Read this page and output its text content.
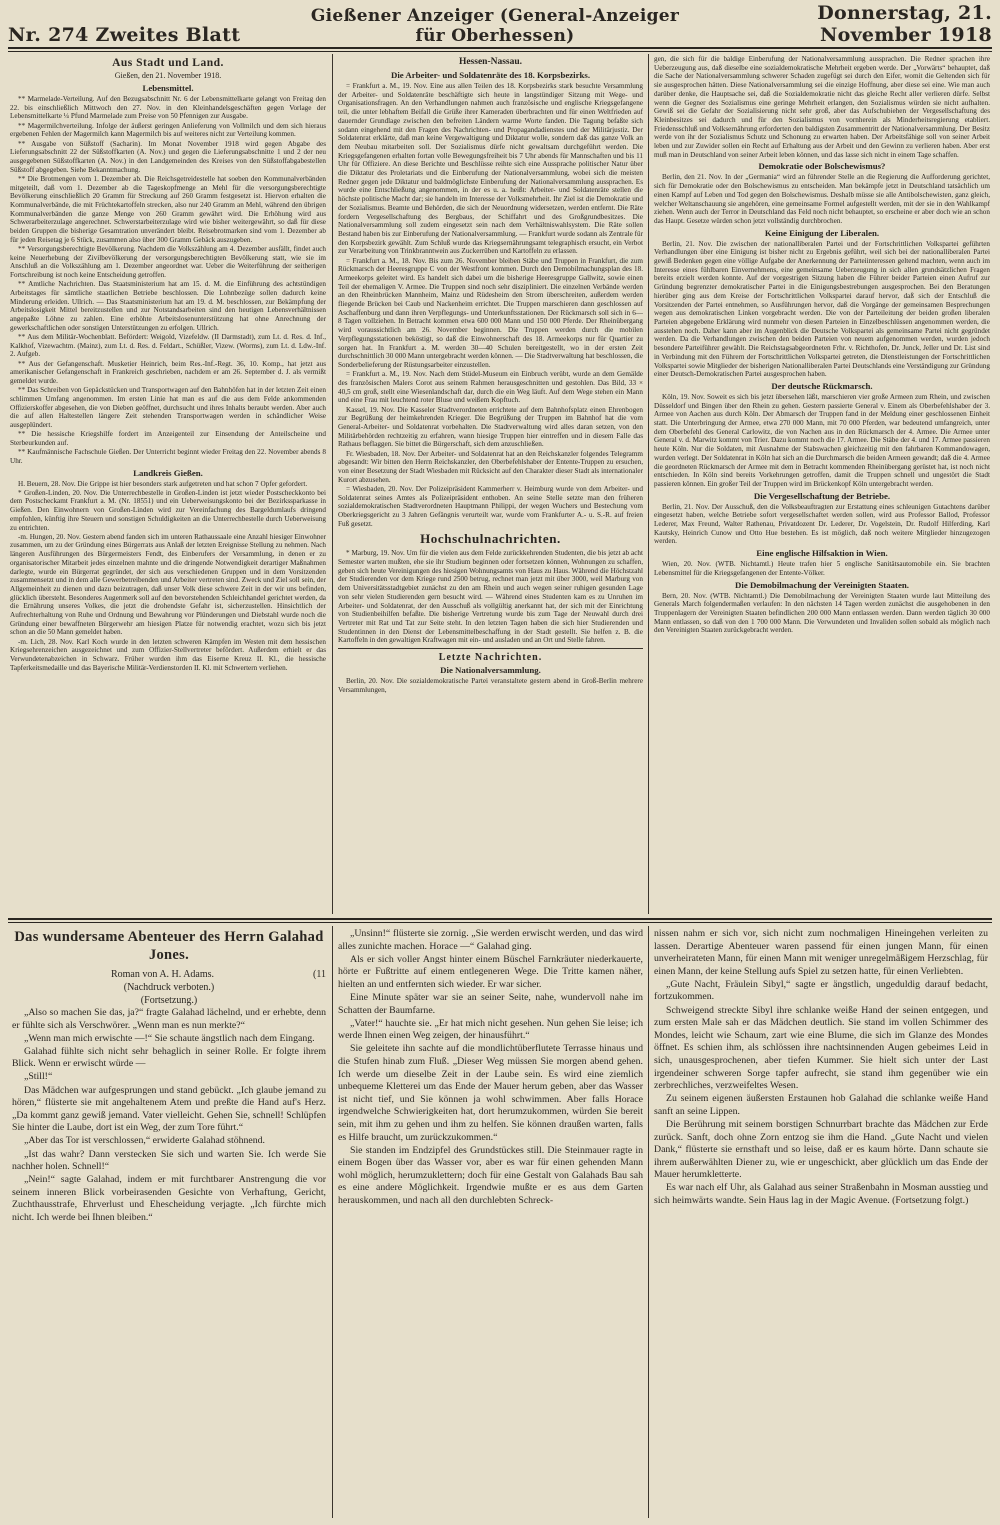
Nr. 274 Zweites Blatt
Gießener Anzeiger (General-Anzeiger für Oberhessen)
Donnerstag, 21. November 1918
Aus Stadt und Land.
Gießen, den 21. November 1918.
Lebensmittel.

** Marmelade-Verteilung. Auf den Bezugsabschnitt Nr. 6 der Lebensmittelkarte gelangt von Freitag den 22. bis einschließlich Mittwoch den 27. Nov. in den Kleinhandelsgeschäften gegen Vorlage der Lebensmittelkarte ¼ Pfund Marmelade zum Preise von 50 Pfennigen zur Ausgabe.

** Magermilchverteilung. Infolge der äußerst geringen Anlieferung von Vollmilch und dem sich hieraus ergebenen Fehlen der Magermilch kann Magermilch bis auf weiteres nicht zur Verteilung kommen.

** Ausgabe von Süßstoff (Sacharin). Im Monat November 1918 wird gegen Abgabe des Lieferungsabschnitt 22 der Süßstoffkarten (A. Nov.) und gegen die Lieferungsabschnitte 1 und 2 der neu ausgegebenen Süßstoffkarten (A. Nov.) in den Landgemeinden des Kreises von den Süßstoffabgabestellen Süßstoff abgegeben. Siehe Bekanntmachung.

** Die Brotmengen vom 1. Dezember ab. Die Reichsgetreidestelle hat soeben den Kommunalverbänden mitgeteilt, daß vom 1. Dezember ab die Tageskopfmenge an Mehl für die versorgungsberechtigte Bevölkerung einschließlich 20 Gramm für Streckung auf 260 Gramm festgesetzt ist. Hiervon erhalten die Kommunalverbände, die mit Früchtekartoffeln strecken, also nur 240 Gramm an Mehl, während den übrigen Kommunalverbänden die ganze Menge von 260 Gramm gewährt wird. Die Erhöhung wird aus Schwerarbeiterzulage angerechnet. Schwerstarbeiterzulage wird wie bisher weitergewährt, so daß für diese beiden Gruppen die bisherige Gesamtration unverändert bleibt. Reisebrotmarken sind vom 1. Dezember ab für jeden Reisetag je 6 Stück, zusammen also über 300 Gramm Gebäck auszugeben.

** Versorgungsberechtigte Bevölkerung. Nachdem die Volkszählung am 4. Dezember ausfällt, findet auch keine Neuerhebung der Zivilbevölkerung der versorgungsberechtigten Bevölkerung statt, wie sie im Anschluß an die Volkszählung am 1. Dezember angeordnet war. Ueber die Weiterführung der seitherigen Fortschreibung ist noch keine Entscheidung getroffen.

** Amtliche Nachrichten. Das Staatsministerium hat am 15. d. M. die Einführung des achtstündigen Arbeitstages für sämtliche staatlichen Betriebe beschlossen. Die Lohnbezüge sollen dadurch keine Minderung erleiden. Ullrich. — Das Staatsministerium hat am 19. d. M. beschlossen, zur Bekämpfung der Arbeitslosigkeit Mittel bereitzustellen und zur Notstandsarbeiten sind den heutigen Lebensverhältnissen angepaßte Löhne zu zahlen. Eine erhöhte Arbeitslosenunterstützung hat ohne Anrechnung der gewerkschaftlichen oder sonstigen Unterstützungen zu erfolgen. Ullrich.

** Aus dem Militär-Wochenblatt. Befördert: Weigold, Vizefeldw. (II Darmstadt), zum Lt. d. Res. d. Inf., Kalkhof, Vizewachtm. (Mainz), zum Lt. d. Res. d. Feldart., Schüßler, Vizew. (Worms), zum Lt. d. Ldw.-Inf. 2. Aufgeb.

** Aus der Gefangenschaft. Musketier Heinrich, beim Res.-Inf.-Regt. 36, 10. Komp., hat jetzt aus amerikanischer Gefangenschaft in Frankreich geschrieben, nachdem er am 26. September d. J. als vermißt gemeldet wurde.

** Das Schreiben von Gepäckstücken und Transportwagen auf den Bahnhöfen hat in der letzten Zeit einen schlimmen Umfang angenommen. Im ersten Linie hat man es auf die aus dem Felde ankommenden Offizierskoffer abgesehen, die von Dieben geöffnet, durchsucht und ihres Inhalts beraubt werden. Aber auch die auf allen Haltestellen längere Zeit stehenden Transportwagen werden in schändlicher Weise ausgeplündert.

** Die hessische Kriegshilfe fordert im Anzeigenteil zur Einsendung der Anteilscheine und Sterbeurkunden auf.

** Kaufmännische Fachschule Gießen. Der Unterricht beginnt wieder Freitag den 22. November abends 8 Uhr.

Landkreis Gießen.

H. Beuern, 28. Nov. Die Grippe ist hier besonders stark aufgetreten und hat schon 7 Opfer gefordert.

* Großen-Linden, 20. Nov. Die Unterrechbestelle in Großen-Linden ist jetzt wieder Postscheckkonto bei dem Postscheckamt Frankfurt a. M. (Nr. 18551) und ein Ueberweisungskonto bei der Bezirkssparkasse in Gießen. Den Einwohnern von Großen-Linden wird zur Vereinfachung des Bargeldumlaufs dringend empfohlen, künftig ihre Steuern und sonstigen Schuldigkeiten an die Unterrechbestelle durch Ueberweisung zu entrichten.

-m. Hungen, 20. Nov. Gestern abend fanden sich im unteren Rathaussaale eine Anzahl hiesiger Einwohner zusammen, um zu der Gründung eines Bürgerrats aus Anlaß der letzten Ereignisse Stellung zu nehmen. Nach längeren Ausführungen des Bürgermeisters Fendt, des Einberufers der Versammlung, in denen er zu organisatorischer Mitarbeit jedes einzelnen mahnte und die dringende Notwendigkeit derartiger Maßnahmen darlegte, wurde ein Bürgerrat gegründet, der sich aus verschiedenen Gruppen und in dem Vorsitzenden zusammensetzt und in dem alle Gewerbetreibenden und Arbeiter vertreten sind. Zweck und Ziel soll sein, der Allgemeinheit zu dienen und dazu beizutragen, daß unser Volk diese schwere Zeit in der wir uns befinden, glücklich übersteht. Besonderes Augenmerk soll auf den bevorstehenden Schleichhandel gerichtet werden, da die Ernährung unseres Volkes, die jetzt die drohendste Gefahr ist, sicherzustellen. Hinsichtlich der Aufrechterhaltung von Ruhe und Ordnung und Bewahrung vor Plünderungen und Diebstahl wurde noch die Gründung einer bewaffneten Bürgerwehr am hiesigen Platze für notwendig erachtet, wozu sich bis jetzt schon an die 50 Mann gemeldet haben.

-m. Lich, 28. Nov. Karl Koch wurde in den letzten schweren Kämpfen im Westen mit dem hessischen Kriegsehrenzeichen ausgezeichnet und zum Offizier-Stellvertreter befördert. Außerdem erhielt er das Verwundetenabzeichen in Schwarz. Früher wurden ihm das Eiserne Kreuz II. Kl., die hessische Tapferkeitsmedaille und das Bayerische Militär-Verdienstorden II. Kl. mit Schwertern verliehen.

Hessen-Nassau.
Die Arbeiter- und Soldatenräte des 18. Korpsbezirks.

= Frankfurt a. M., 19. Nov. Eine aus allen Teilen des 18. Korpsbezirks stark besuchte Versammlung der Arbeiter- und Soldatenräte beschäftigte sich heute in langstündiger Sitzung mit Wege- und Organisationsfragen. An den Verhandlungen nahmen auch französische und englische Kriegsgefangene teil, die unter lebhaftem Beifall die Grüße ihrer Kameraden überbrachten und für einen Weltfrieden auf dauernder Grundlage zwischen den befreiten Ländern warme Worte fanden. Die Tagung befaßte sich sodann eingehend mit den Fragen des Nachrichten- und Propagandadienstes und der Militärjustiz. Der Soldatenrat erklärte, daß man keine Vergewaltigung und Diktatur wolle, sondern daß das ganze Volk an dem Neubau mitarbeiten soll. Der Sozialismus dürfe nicht gewaltsam durchgeführt werden. Die Kriegsgefangenen erhalten fortan volle Bewegungsfreiheit bis 7 Uhr abends für Mannschaften und bis 11 Uhr für Offiziere. An diese Berichte und Beschlüsse reihte sich eine Aussprache politischer Natur über die Diktatur des Proletariats und die Einberufung der Nationalversammlung, wobei sich die meisten Redner gegen jede Diktatur und baldmöglichste Einberufung der Nationalversammlung aussprachen. Es wurde eine Entschließung angenommen, in der es u. a. heißt: Arbeiter- und Soldatenräte stellen die höchste politische Macht dar; sie handeln im Interesse der Volksmehrheit. Ihr Ziel ist die Demokratie und der Sozialismus. Beamte und Behörden, die sich der Neuordnung widersetzen, werden entfernt. Die Räte fordern Vergesellschaftung des Bergbaus, der Schiffahrt und des Großgrundbesitzes. Die Nationalversammlung soll zudem eingesetzt sein nach dem Verhältniswahlsystem. Die Räte sollen Bestand haben bis zur Einberufung der Nationalversammlung. — Frankfurt wurde sodann als Zentrale für den Korpsbezirk gewählt. Zum Schluß wurde das Kriegsernährungsamt telegraphisch ersucht, ein Verbot zur Verarbeitung von Trinkbranntwein aus Zuckerrüben und Kartoffeln zu erlassen.

= Frankfurt a. M., 18. Nov. Bis zum 26. November bleiben Stäbe und Truppen in Frankfurt, die zum Rückmarsch der Heeresgruppe C von der Westfront kommen. Durch den Demobilmachungsplan des 18. Armeekorps geleitet wird. Es handelt sich dabei um die bisherige Heeresgruppe Gallwitz, sowie einen Teil der ehemaligen V. Armee. Die Truppen sind noch sehr diszipliniert. Die einzelnen Verbände werden an den Rheinbrücken Mannheim, Mainz und Rüdesheim den Strom überschreiten, außerdem werden fliegende Brücken bei Caub und Nackenheim errichtet. Die Truppen marschieren dann geschlossen auf Aschaffenburg und dann ihren Verpflegungs- und Unterkunftsstationen. Der Rückmarsch soll sich in 6—8 Tagen vollziehen. In Betracht kommen etwa 600 000 Mann und 150 000 Pferde. Der Rheinübergang wird voraussichtlich am 26. November beginnen. Die Truppen werden durch die mobilen Verpflegungsstationen beköstigt, so daß die Einwohnerschaft des 18. Armeekorps nur für Quartier zu sorgen hat. In Frankfurt a. M. werden 30—40 Schulen bereitgestellt, wo in der ersten Zeit durchschnittlich 30 000 Mann untergebracht werden können. — Die Stadtverwaltung hat beschlossen, die Sonderbelieferung der Rüstungsarbeiter einzustellen.

= Frankfurt a. M., 19. Nov. Nach dem Stüdel-Museum ein Einbruch verübt, wurde an dem Gemälde des französischen Malers Corot aus seinem Rahmen herausgeschnitten und gestohlen. Das Bild, 33 × 40,5 cm groß, stellt eine Wiesenlandschaft dar, durch die ein Weg läuft. Auf dem Wege stehen ein Mann und eine Frau mit leuchtend roter Bluse und weißem Kopftuch.

Kassel, 19. Nov. Die Kasseler Stadtverordneten errichtete auf dem Bahnhofsplatz einen Ehrenbogen zur Begrüßung der heimkehrenden Krieger. Die Begrüßung der Truppen im Bahnhof hat die vom General-Arbeiter- und Soldatenrat vorbehalten. Die Stadtverwaltung wird alles daran setzen, von den Militärbehörden rechtzeitig zu erfahren, wann hiesige Truppen hier eintreffen und in diesem Falle das Rathaus beflaggen. Sie bittet die Bürgerschaft, sich dem anzuschließen.

Fr. Wiesbaden, 18. Nov. Der Arbeiter- und Soldatenrat hat an den Reichskanzler folgendes Telegramm abgesandt: Wir bitten den Herrn Reichskanzler, den Oberbefehlshaber der Entente-Truppen zu ersuchen, von einer Besetzung der Stadt Wiesbaden mit Rücksicht auf den Charakter dieser Stadt als internationaler Kurort abzusehen.

= Wiesbaden, 20. Nov. Der Polizeipräsident Kammerherr v. Heimburg wurde von dem Arbeiter- und Soldatenrat seines Amtes als Polizeipräsident enthoben. An seine Stelle setzte man den früheren sozialdemokratischen Stadtverordneten Hauptmann Philippi, der wegen Wuchers und Bestechung vom Oberkriegsgericht zu 3 Jahren Gefängnis verurteilt war, wurde vom Frankfurter A.- u. S.-R. auf freien Fuß gesetzt.

Hochschulnachrichten.

* Marburg, 19. Nov. Um für die vielen aus dem Felde zurückkehrenden Studenten, die bis jetzt ab acht Semester warten mußten, ehe sie ihr Studium beginnen oder fortsetzen können, Wohnungen zu schaffen, geben sich heute Vereinigungen des hiesigen Wohnungsamts von Haus zu Haus. Während die Höchstzahl der Studierenden vor dem Kriege rund 2500 betrug, rechnet man jetzt mit über 3000, weil Marburg von dem Universitätsstadtgebiet zunächst zu den am Rhein und auch wegen seiner ruhigen gesunden Lage von sehr vielen Studierenden gern besucht wird. — Während eines Studenten kam es zu Unruhen im Arbeiter- und Soldatenrat, der den Ausschuß als vollgültig anerkannt hat, der sich mit der Einrichtung von Studienbeihilfen befaßte. Die bisherige Vertretung wurde bis zum Tage der Neuwahl durch drei Vertreter mit Rat und Tat zur Seite steht. In den letzten Tagen haben die sich hier Studierenden und Studentinnen in den Dienst der Lebensmittelbeschaffung in der Stadt gestellt. Sie helfen z. B. die Kartoffeln in den gewaltigen Kraftwagen mit ein- und ausladen und an Ort und Stelle fahren.

Letzte Nachrichten.
Die Nationalversammlung.

Berlin, 20. Nov. Die sozialdemokratische Partei veranstaltete gestern abend in Groß-Berlin mehrere Versammlungen,

gen, die sich für die baldige Einberufung der Nationalversammlung aussprachen. Die Redner sprachen ihre Ueberzeugung aus, daß dieselbe eine sozialdemokratische Mehrheit ergeben werde. Der „Vorwärts“ behauptet, daß die Sache der Nationalversammlung schwerer Schaden zugefügt sei durch den Eifer, womit die Geltenden sich für sie ausgesprochen hätten. Diese Nationalversammlung sei die einzige Hoffnung, aber diese sei eine. Wie man auch darüber denke, die Hauptsache sei, daß die Sozialdemokratie nicht das gleiche Recht aller verlieren dürfe. Selbst wenn die Gegner des Sozialismus eine geringe Mehrheit erlangen, den Sozialismus würden sie nicht aufhalten. Gewiß sei die Gefahr der Sozialisierung nicht sehr groß, aber das Aufschubiehen der Vergesellschaftung des Kleinbesitzes sei dadurch und für den Sozialismus von vornherein als Minderheitsregierung etabliert. Friedensschluß und Volksernährung erforderten den baldigsten Zusammentritt der Nationalversammlung. Der Besitz werde von ihr der Sozialismus Schutz und Schonung zu erwarten haben. Der Arbeitsfähige soll von seiner Arbeit leben und zur Zuwider sollen ein Recht auf Erhaltung aus der Arbeit und den Gewinn zu verlieren haben. Aber erst muß man in Deutschland von seiner Arbeit leben können, und das lasse sich nicht in einem Tage schaffen.

Demokratie oder Bolschewismus?

Berlin, den 21. Nov. In der „Germania“ wird an führender Stelle an die Regierung die Aufforderung gerichtet, sich für Demokratie oder den Bolschewismus zu entscheiden. Man bekämpfe jetzt in Deutschland tatsächlich um einen Kampf auf Leben und Tod gegen den Bolschewismus. Deshalb müsse sie alle Antibolschewisten, ganz gleich, welcher Weltanschauung sie angehören, eine gemeinsame Formel aufgestellt werden, mit der sie in den Wahlkampf ziehen. Wenn auch der Terror in Deutschland das Feld noch nicht behauptet, so erscheine er aber doch wie an schon das Haupt. Gesetze würden schon jetzt vollständig durchbrochen.

Keine Einigung der Liberalen.

Berlin, 21. Nov. Die zwischen der nationalliberalen Partei und der Fortschrittlichen Volkspartei geführten Verhandlungen über eine Einigung ist bisher nicht zu Ergebnis geführt, weil sich bei der nationalliberalen Partei gewiß Bedenken gegen eine völlige Aufgabe der Anerkennung der Parteiinteressen geltend machten, wenn auch im Interesse eines fühlbaren Einvernehmens, eine gemeinsame Ueberzeugung in sich allen grundsätzlichen Fragen bereits erzielt werden konnte. Auf der vorgestrigen Sitzung haben die Führer beider Parteien einen Aufruf zur Gründung begrenzter demokratischer Partei in die Einigungsbestrebungen ausgesprochen. Bei den Beratungen hierüber ging aus dem Kreise der Fortschrittlichen Volkspartei darauf hervor, daß sich der Entschluß die Vorsitzenden der Partei entnehmen, so Ausführungen hervor, daß die Vorgänge der gemeinsamen Besprechungen wegen aus demokratischen Linken vorgebracht werden. Die von der Parteileitung der beiden großen liberalen Parteien abgegebene Erklärung wird nunmehr von diesen Parteien in Einzelbeschlüssen angenommen werden, die ausstehen noch. Daher kann aber im Augenblick die Deutsche Volkspartei als gemeinsame Partei nicht gegründet werden. Da die Verhandlungen zwischen den beiden Parteien von neuem aufgenommen werden, wurden jedoch besondere Parteiführer gewählt. Die Reichstagsabgeordneten Frhr. v. Richthofen, Dr. Junck, Jeller und Dr. List sind in Verbindung mit den Führern der Fortschrittlichen Volkspartei getreten, die Dienstleistungen der Fortschrittlichen Volkspartei sowie Mitglieder der bisherigen Nationalliberalen Partei Deutschlands eine Verständigung zur Gründung einer Deutsch-Demokratischen Partei ausgesprochen haben.

Der deutsche Rückmarsch.

Köln, 19. Nov. Soweit es sich bis jetzt übersehen läßt, marschieren vier große Armeen zum Rhein, und zwischen Düsseldorf und Bingen über den Rhein zu gehen. Gestern passierte General v. Einem als Oberbefehlshaber der 3. Armee von Aachen aus durch Köln. Der Abmarsch der Truppen fand in der Meldung einer geschlossenen Einheit statt. Die Unterbringung der Armee, etwa 270 000 Mann, mit 70 000 Pferden, war bedeutend umfangreich, unter dem Oberbefehl des General Carlowitz, die von Nachen aus in den Rückmarsch der 4. Armee. Die Armee unter General v. d. Marwitz kommt von Trier. Dazu kommt noch die 17. Armee. Die Stäbe der 4. und 17. Armee passieren heute Köln. Nur die Soldaten, mit Ausnahme der Stabswachen gleichzeitig mit den fahrbaren Kommandowagen, wurden verlegt. Der Soldatenrat in Köln hat sich an die Durchmarsch die beiden Armeen gewandt; daß die 4. Armee die geordneten Rückmarsch der Armee mit dem in Betracht kommenden Rheinübergang gerüstet hat, ist noch nicht entschieden. In Köln sind bereits Vorkehrungen getroffen, damit die Truppen schnell und ungestört die Stadt passieren können. Ein großer Teil der Truppen wird im Brückenkopf Köln untergebracht werden.

Die Vergesellschaftung der Betriebe.

Berlin, 21. Nov. Der Ausschuß, den die Volksbeauftragten zur Erstattung eines schleunigen Gutachtens darüber eingesetzt haben, welche Betriebe sofort vergesellschaftet werden sollen, wird aus Professor Ballod, Professor Lederer, Max Freund, Walter Rathenau, Privatdozent Dr. Lederer, Dr. Vogelstein, Dr. Rudolf Hilferding, Karl Kautsky, Heinrich Cunow und Otto Hue bestehen. Es ist möglich, daß noch weitere Mitglieder hinzugezogen werden.

Eine englische Hilfsaktion in Wien.

Wien, 20. Nov. (WTB. Nichtamtl.) Heute trafen hier 5 englische Sanitätsautomobile ein. Sie brachten Lebensmittel für die Kriegsgefangenen der Entente-Völker.

Die Demobilmachung der Vereinigten Staaten.

Bern, 20. Nov. (WTB. Nichtamtl.) Die Demobilmachung der Vereinigten Staaten wurde laut Mitteilung des Generals March folgendermaßen verlaufen: In den nächsten 14 Tagen werden zunächst die ausgehobenen in den Truppenlagern der Vereinigten Staaten befindlichen 200 000 Mann entlassen werden. Dann werden täglich 30 000 Mann entlassen, so daß von den 1 700 000 Mann. Die Verwundeten und Invaliden sollen sobald als möglich nach den Vereinigten Staaten zurückgebracht werden.

Das wundersame Abenteuer des Herrn Galahad Jones.
Roman von A. H. Adams.	(11
(Nachdruck verboten.)
(Fortsetzung.)

„Also so machen Sie das, ja?“ fragte Galahad lächelnd, und er erhebte, denn er fühlte sich als Verschwörer. „Wenn man es nun merkte?“

„Wenn man mich erwischte —!“ Sie schaute ängstlich nach dem Eingang.

Galahad fühlte sich nicht sehr behaglich in seiner Rolle. Er folgte ihrem Blick. Wenn er erwischt würde —

„Still!“

Das Mädchen war aufgesprungen und stand gebückt. „Ich glaube jemand zu hören,“ flüsterte sie mit angehaltenem Atem und preßte die Hand auf's Herz. „Da kommt ganz gewiß jemand. Vater vielleicht. Gehen Sie, schnell! Schlüpfen Sie hinter die Laube, dort ist ein Weg, der zum Tore führt.“

„Aber das Tor ist verschlossen,“ erwiderte Galahad stöhnend.

„Ist das wahr? Dann verstecken Sie sich und warten Sie. Ich werde Sie nachher holen. Schnell!“

„Nein!“ sagte Galahad, indem er mit furchtbarer Anstrengung die vor seinem inneren Blick vorbeirasenden Gesichte von Verhaftung, Gericht, Zuchthausstrafe, Ehrverlust und Ehescheidung verjagte. „Ich fürchte mich nicht. Ich werde bei Ihnen bleiben.“

„Unsinn!“ flüsterte sie zornig. „Sie werden erwischt werden, und das wird alles zunichte machen. Horace —“ Galahad ging.

Als er sich voller Angst hinter einem Büschel Farnkräuter niederkauerte, hörte er Fußtritte auf einem entlegeneren Wege. Die Tritte kamen näher, hielten an und entfernten sich wieder. Er war sicher.

Eine Minute später war sie an seiner Seite, nahe, wundervoll nahe im Schatten der Baumfarne.

„Vater!“ hauchte sie. „Er hat mich nicht gesehen. Nun gehen Sie leise; ich werde Ihnen einen Weg zeigen, der hinausführt.“

Sie geleitete ihn sachte auf die mondlichtüberflutete Terrasse hinaus und die Stufen hinab zum Fluß. „Dieser Weg müssen Sie morgen abend gehen. Ich werde um dieselbe Zeit in der Laube sein. Es wird eine ziemlich unbequeme Kletterei um das Ende der Mauer herum geben, aber das Wasser ist nicht tief, und Sie können ja wohl schwimmen. Aber falls Horace irgendwelche Schwierigkeiten hat, dort herumzukommen, würden Sie bereit sein, mit ihm zu gehen und ihm zu helfen. Sie können draußen warten, falls es Hilfe braucht, um zurückzukommen.“

Sie standen im Endzipfel des Grundstückes still. Die Steinmauer ragte in einem Bogen über das Wasser vor, aber es war für einen gehenden Mann wohl möglich, herumzuklettern; doch für eine Gestalt von Galahads Bau sah es eine andere Möglichkeit. Irgendwie mußte er es aus dem Garten herauskommen, und nach all den durchlebten Schreck-

nissen nahm er sich vor, sich nicht zum nochmaligen Hineingehen verleiten zu lassen. Derartige Abenteuer waren passend für einen jungen Mann, für einen unverheirateten Mann, für einen Mann mit weniger unregelmäßigem Herzschlag, für einen Mann, der keine Stellung aufs Spiel zu setzen hatte, für einen Verliebten.

„Gute Nacht, Fräulein Sibyl,“ sagte er ängstlich, ungeduldig darauf bedacht, fortzukommen.

Schweigend streckte Sibyl ihre schlanke weiße Hand der seinen entgegen, und zum ersten Male sah er das Mädchen deutlich. Sie stand im vollen Schimmer des Mondes, leicht wie Schaum, zart wie eine Blume, die sich im Glanze des Mondes öffnet. Es schien ihm, als schlössen ihre nachtsinnenden Augen gebeimes Leid in sich, unausgesprochenen, aber tiefen Kummer. Sie hielt sich unter der Last irgendeiner schweren Sorge tapfer aufrecht, sie stand ihm gegenüber wie ein zerbrechliches, verzweifeltes Wesen.

Zu seinem eigenen äußersten Erstaunen hob Galahad die schlanke weiße Hand sanft an seine Lippen.

Die Berührung mit seinem borstigen Schnurrbart brachte das Mädchen zur Erde zurück. Sanft, doch ohne Zorn entzog sie ihm die Hand. „Gute Nacht und vielen Dank,“ flüsterte sie ernsthaft und so leise, daß er es kaum hörte. Dann schaute sie ihrem außerwählten Diener zu, wie er ungeschickt, aber glücklich um das Ende der Mauer herumkletterte.

Es war nach elf Uhr, als Galahad aus seiner Straßenbahn in Mosman ausstieg und sich heimwärts wandte. Sein Haus lag in der Magic Avenue. (Fortsetzung folgt.)
